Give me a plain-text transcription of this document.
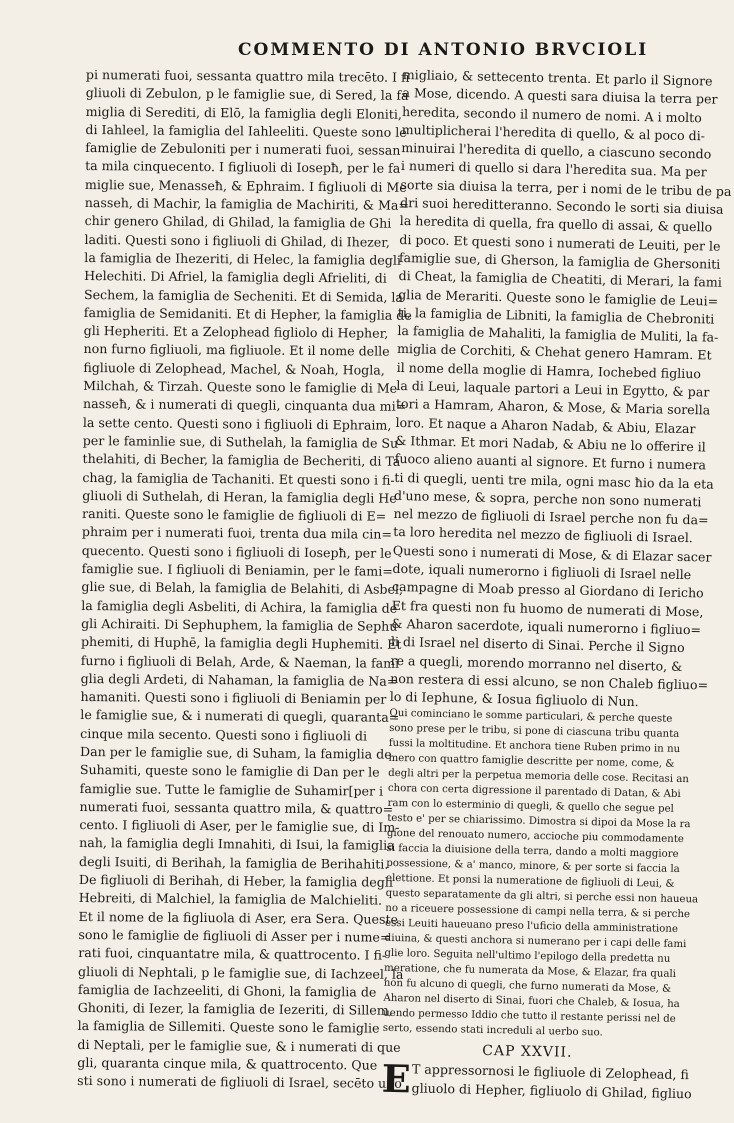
COMMENTO DI ANTONIO BRVCIOLI
pi numerati fuoi, sessanta quattro mila trecēto. I fi
gliuoli di Zebulon, p le famiglie sue, di Sered, la fa
miglia di Serediti, di Elō, la famiglia degli Eloniti,
di Iahleel, la famiglia del Iahleeliti. Queste sono le
famiglie de Zebuloniti per i numerati fuoi, sessan
ta mila cinquecento. I figliuoli di Iosepħ, per le fa
miglie sue, Menasseħ, & Ephraim. I figliuoli di Me
nasseh, di Machir, la famiglia de Machiriti, & Ma=
chir genero Ghilad, di Ghilad, la famiglia de Ghi
laditi. Questi sono i figliuoli di Ghilad, di Ihezer,
la famiglia de Ihezeriti, di Helec, la famiglia degli
Helechiti. Di Afriel, la famiglia degli Afrieliti, di
Sechem, la famiglia de Secheniti. Et di Semida, la
famiglia de Semidaniti. Et di Hepher, la famiglia de
gli Hepheriti. Et a Zelophead figliolo di Hepher,
non furno figliuoli, ma figliuole. Et il nome delle
figliuole di Zelophead, Machel, & Noah, Hogla,
Milchah, & Tirzah. Queste sono le famiglie di Me
nasseħ, & i numerati di quegli, cinquanta dua mi=
la sette cento. Questi sono i figliuoli di Ephraim,
per le faminlie sue, di Suthelah, la famiglia de Su-
thelahiti, di Becher, la famiglia de Becheriti, di Ta
chag, la famiglia de Tachaniti. Et questi sono i fi-
gliuoli di Suthelah, di Heran, la famiglia degli He
raniti. Queste sono le famiglie de figliuoli di E=
phraim per i numerati fuoi, trenta dua mila cin=
quecento. Questi sono i figliuoli di Iosepħ, per le
famiglie sue. I figliuoli di Beniamin, per le fami=
glie sue, di Belah, la famiglia de Belahiti, di Asbel,
la famiglia degli Asbeliti, di Achira, la famiglia de
gli Achiraiti. Di Sephuphem, la famiglia de Sephu
phemiti, di Huphē, la famiglia degli Huphemiti. Et
furno i figliuoli di Belah, Arde, & Naeman, la fami
glia degli Ardeti, di Nahaman, la famiglia de Na=
hamaniti. Questi sono i figliuoli di Beniamin per
le famiglie sue, & i numerati di quegli, quaranta=
cinque mila secento. Questi sono i figliuoli di
Dan per le famiglie sue, di Suham, la famiglia de
Suhamiti, queste sono le famiglie di Dan per le
famiglie sue. Tutte le famiglie de Suhamir[per i
numerati fuoi, sessanta quattro mila, & quattro=
cento. I figliuoli di Aser, per le famiglie sue, di Im-
nah, la famiglia degli Imnahiti, di Isui, la famiglia
degli Isuiti, di Berihah, la famiglia de Berihahiti.
De figliuoli di Berihah, di Heber, la famiglia degli
Hebreiti, di Malchiel, la famiglia de Malchieliti.
Et il nome de la figliuola di Aser, era Sera. Queste
sono le famiglie de figliuoli di Asser per i nume=
rati fuoi, cinquantatre mila, & quattrocento. I fi-
gliuoli di Nephtali, p le famiglie sue, di Iachzeel, la
famiglia de Iachzeeliti, di Ghoni, la famiglia de
Ghoniti, di Iezer, la famiglia de Iezeriti, di Sillem,
la famiglia de Sillemiti. Queste sono le famiglie
di Neptali, per le famiglie sue, & i numerati di que
gli, quaranta cinque mila, & quattrocento. Que
sti sono i numerati de figliuoli di Israel, secēto uno
migliaio, & settecento trenta. Et parlo il Signore
a Mose, dicendo. A questi sara diuisa la terra per
heredita, secondo il numero de nomi. A i molto
multiplicherai l'heredita di quello, & al poco di-
minuirai l'heredita di quello, a ciascuno secondo
i numeri di quello si dara l'heredita sua. Ma per
sorte sia diuisa la terra, per i nomi de le tribu de pa
dri suoi hereditteranno. Secondo le sorti sia diuisa
la heredita di quella, fra quello di assai, & quello
di poco. Et questi sono i numerati de Leuiti, per le
famiglie sue, di Gherson, la famiglia de Ghersoniti
di Cheat, la famiglia de Cheatiti, di Merari, la fami
glia de Merariti. Queste sono le famiglie de Leui=
ti, la famiglia de Libniti, la famiglia de Chebroniti
la famiglia de Mahaliti, la famiglia de Muliti, la fa-
miglia de Corchiti, & Chehat genero Hamram. Et
il nome della moglie di Hamra, Iochebed figliuo
la di Leui, laquale partori a Leui in Egytto, & par
tori a Hamram, Aharon, & Mose, & Maria sorella
loro. Et naque a Aharon Nadab, & Abiu, Elazar
& Ithmar. Et mori Nadab, & Abiu ne lo offerire il
fuoco alieno auanti al signore. Et furno i numera
ti di quegli, uenti tre mila, ogni masc ħio da la eta
d'uno mese, & sopra, perche non sono numerati
nel mezzo de figliuoli di Israel perche non fu da=
ta loro heredita nel mezzo de figliuoli di Israel.
Questi sono i numerati di Mose, & di Elazar sacer
dote, iquali numerorno i figliuoli di Israel nelle
campagne di Moab presso al Giordano di Iericho
Et fra questi non fu huomo de numerati di Mose,
& Aharon sacerdote, iquali numerorno i figliuo=
li di Israel nel diserto di Sinai. Perche il Signo
re a quegli, morendo morranno nel diserto, &
non restera di essi alcuno, se non Chaleb figliuo=
lo di Iephune, & Iosua figliuolo di Nun.
Qui cominciano le somme particulari, & perche queste
sono prese per le tribu, si pone di ciascuna tribu quanta
fussi la moltitudine. Et anchora tiene Ruben primo in nu
mero con quattro famiglie descritte per nome, come, &
degli altri per la perpetua memoria delle cose. Recitasi an
chora con certa digressione il parentado di Datan, & Abi
ram con lo esterminio di quegli, & quello che segue pel
testo e' per se chiarissimo. Dimostra si dipoi da Mose la ra
gione del renouato numero, accioche piu commodamente
si faccia la diuisione della terra, dando a molti maggiore
possessione, & a' manco, minore, & per sorte si faccia la
elettione. Et ponsi la numeratione de figliuoli di Leui, &
questo separatamente da gli altri, si perche essi non haueua
no a riceuere possessione di campi nella terra, & si perche
essi Leuiti haueuano preso l'uficio della amministratione
diuina, & questi anchora si numerano per i capi delle fami
glie loro. Seguita nell'ultimo l'epilogo della predetta nu
meratione, che fu numerata da Mose, & Elazar, fra quali
non fu alcuno di quegli, che furno numerati da Mose, &
Aharon nel diserto di Sinai, fuori che Chaleb, & Iosua, ha
uendo permesso Iddio che tutto il restante perissi nel de
serto, essendo stati increduli al uerbo suo.
CAP XXVII.
E T appressornosi le figliuole di Zelophead, fi
gliuolo di Hepher, figliuolo di Ghilad, figliuo
